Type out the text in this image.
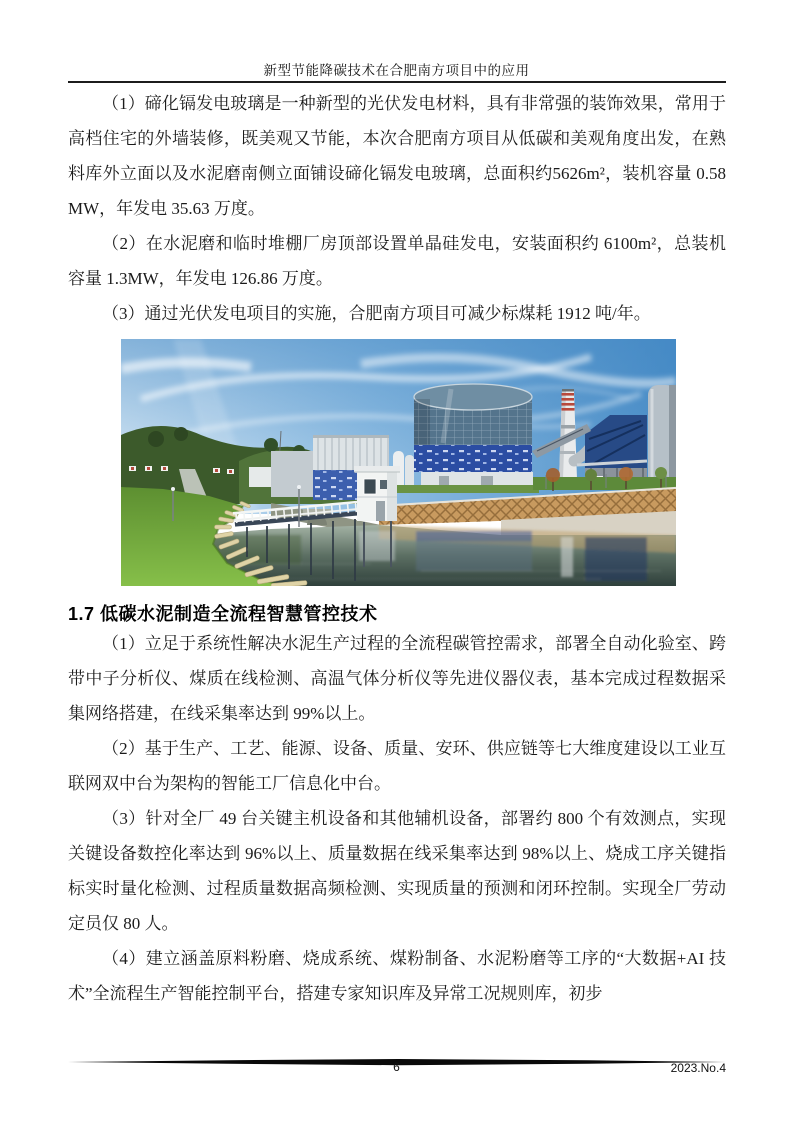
新型节能降碳技术在合肥南方项目中的应用

（1）碲化镉发电玻璃是一种新型的光伏发电材料，具有非常强的装饰效果，常用于高档住宅的外墙装修，既美观又节能，本次合肥南方项目从低碳和美观角度出发，在熟料库外立面以及水泥磨南侧立面铺设碲化镉发电玻璃，总面积约5626m²，装机容量 0.58MW，年发电 35.63 万度。

（2）在水泥磨和临时堆棚厂房顶部设置单晶硅发电，安装面积约 6100m²，总装机容量 1.3MW，年发电 126.86 万度。

（3）通过光伏发电项目的实施，合肥南方项目可减少标煤耗 1912 吨/年。

1.7 低碳水泥制造全流程智慧管控技术

（1）立足于系统性解决水泥生产过程的全流程碳管控需求，部署全自动化验室、跨带中子分析仪、煤质在线检测、高温气体分析仪等先进仪器仪表，基本完成过程数据采集网络搭建，在线采集率达到 99%以上。

（2）基于生产、工艺、能源、设备、质量、安环、供应链等七大维度建设以工业互联网双中台为架构的智能工厂信息化中台。

（3）针对全厂 49 台关键主机设备和其他辅机设备，部署约 800 个有效测点，实现关键设备数控化率达到 96%以上、质量数据在线采集率达到 98%以上、烧成工序关键指标实时量化检测、过程质量数据高频检测、实现质量的预测和闭环控制。实现全厂劳动定员仅 80 人。

（4）建立涵盖原料粉磨、烧成系统、煤粉制备、水泥粉磨等工序的“大数据+AI 技术”全流程生产智能控制平台，搭建专家知识库及异常工况规则库，初步

6	2023.No.4
